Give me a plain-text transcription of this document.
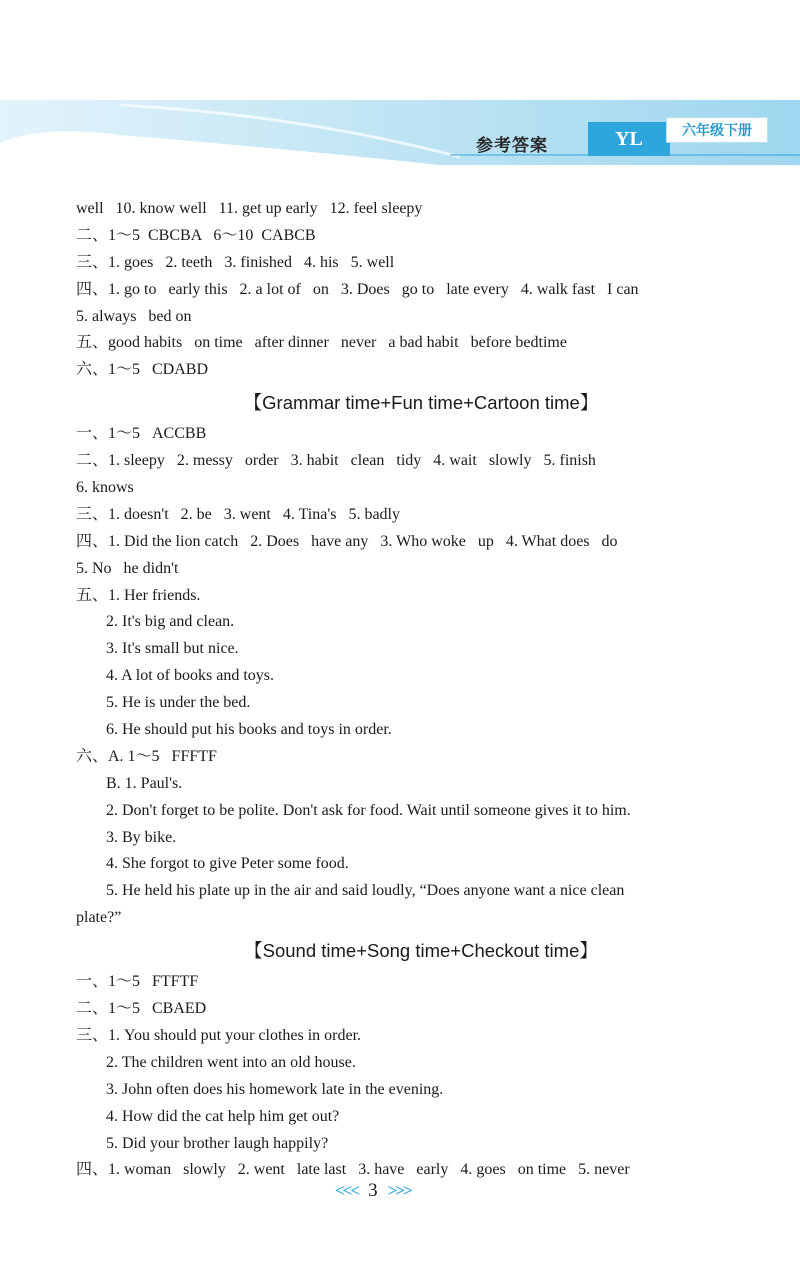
参考答案	YL	六年级下册
well   10. know well   11. get up early   12. feel sleepy
二、1～5  CBCBA   6～10  CABCB
三、1. goes   2. teeth   3. finished   4. his   5. well
四、1. go to   early this   2. a lot of   on   3. Does   go to   late every   4. walk fast   I can
5. always   bed on
五、good habits   on time   after dinner   never   a bad habit   before bedtime
六、1～5   CDABD
【Grammar time+Fun time+Cartoon time】
一、1～5   ACCBB
二、1. sleepy   2. messy   order   3. habit   clean   tidy   4. wait   slowly   5. finish
6. knows
三、1. doesn't   2. be   3. went   4. Tina's   5. badly
四、1. Did the lion catch   2. Does   have any   3. Who woke   up   4. What does   do
5. No   he didn't
五、1. Her friends.
2. It's big and clean.
3. It's small but nice.
4. A lot of books and toys.
5. He is under the bed.
6. He should put his books and toys in order.
六、A. 1～5   FFFTF
B. 1. Paul's.
2. Don't forget to be polite. Don't ask for food. Wait until someone gives it to him.
3. By bike.
4. She forgot to give Peter some food.
5. He held his plate up in the air and said loudly, “Does anyone want a nice clean
plate?”
【Sound time+Song time+Checkout time】
一、1～5   FTFTF
二、1～5   CBAED
三、1. You should put your clothes in order.
2. The children went into an old house.
3. John often does his homework late in the evening.
4. How did the cat help him get out?
5. Did your brother laugh happily?
四、1. woman   slowly   2. went   late last   3. have   early   4. goes   on time   5. never
<<< 3 >>>
